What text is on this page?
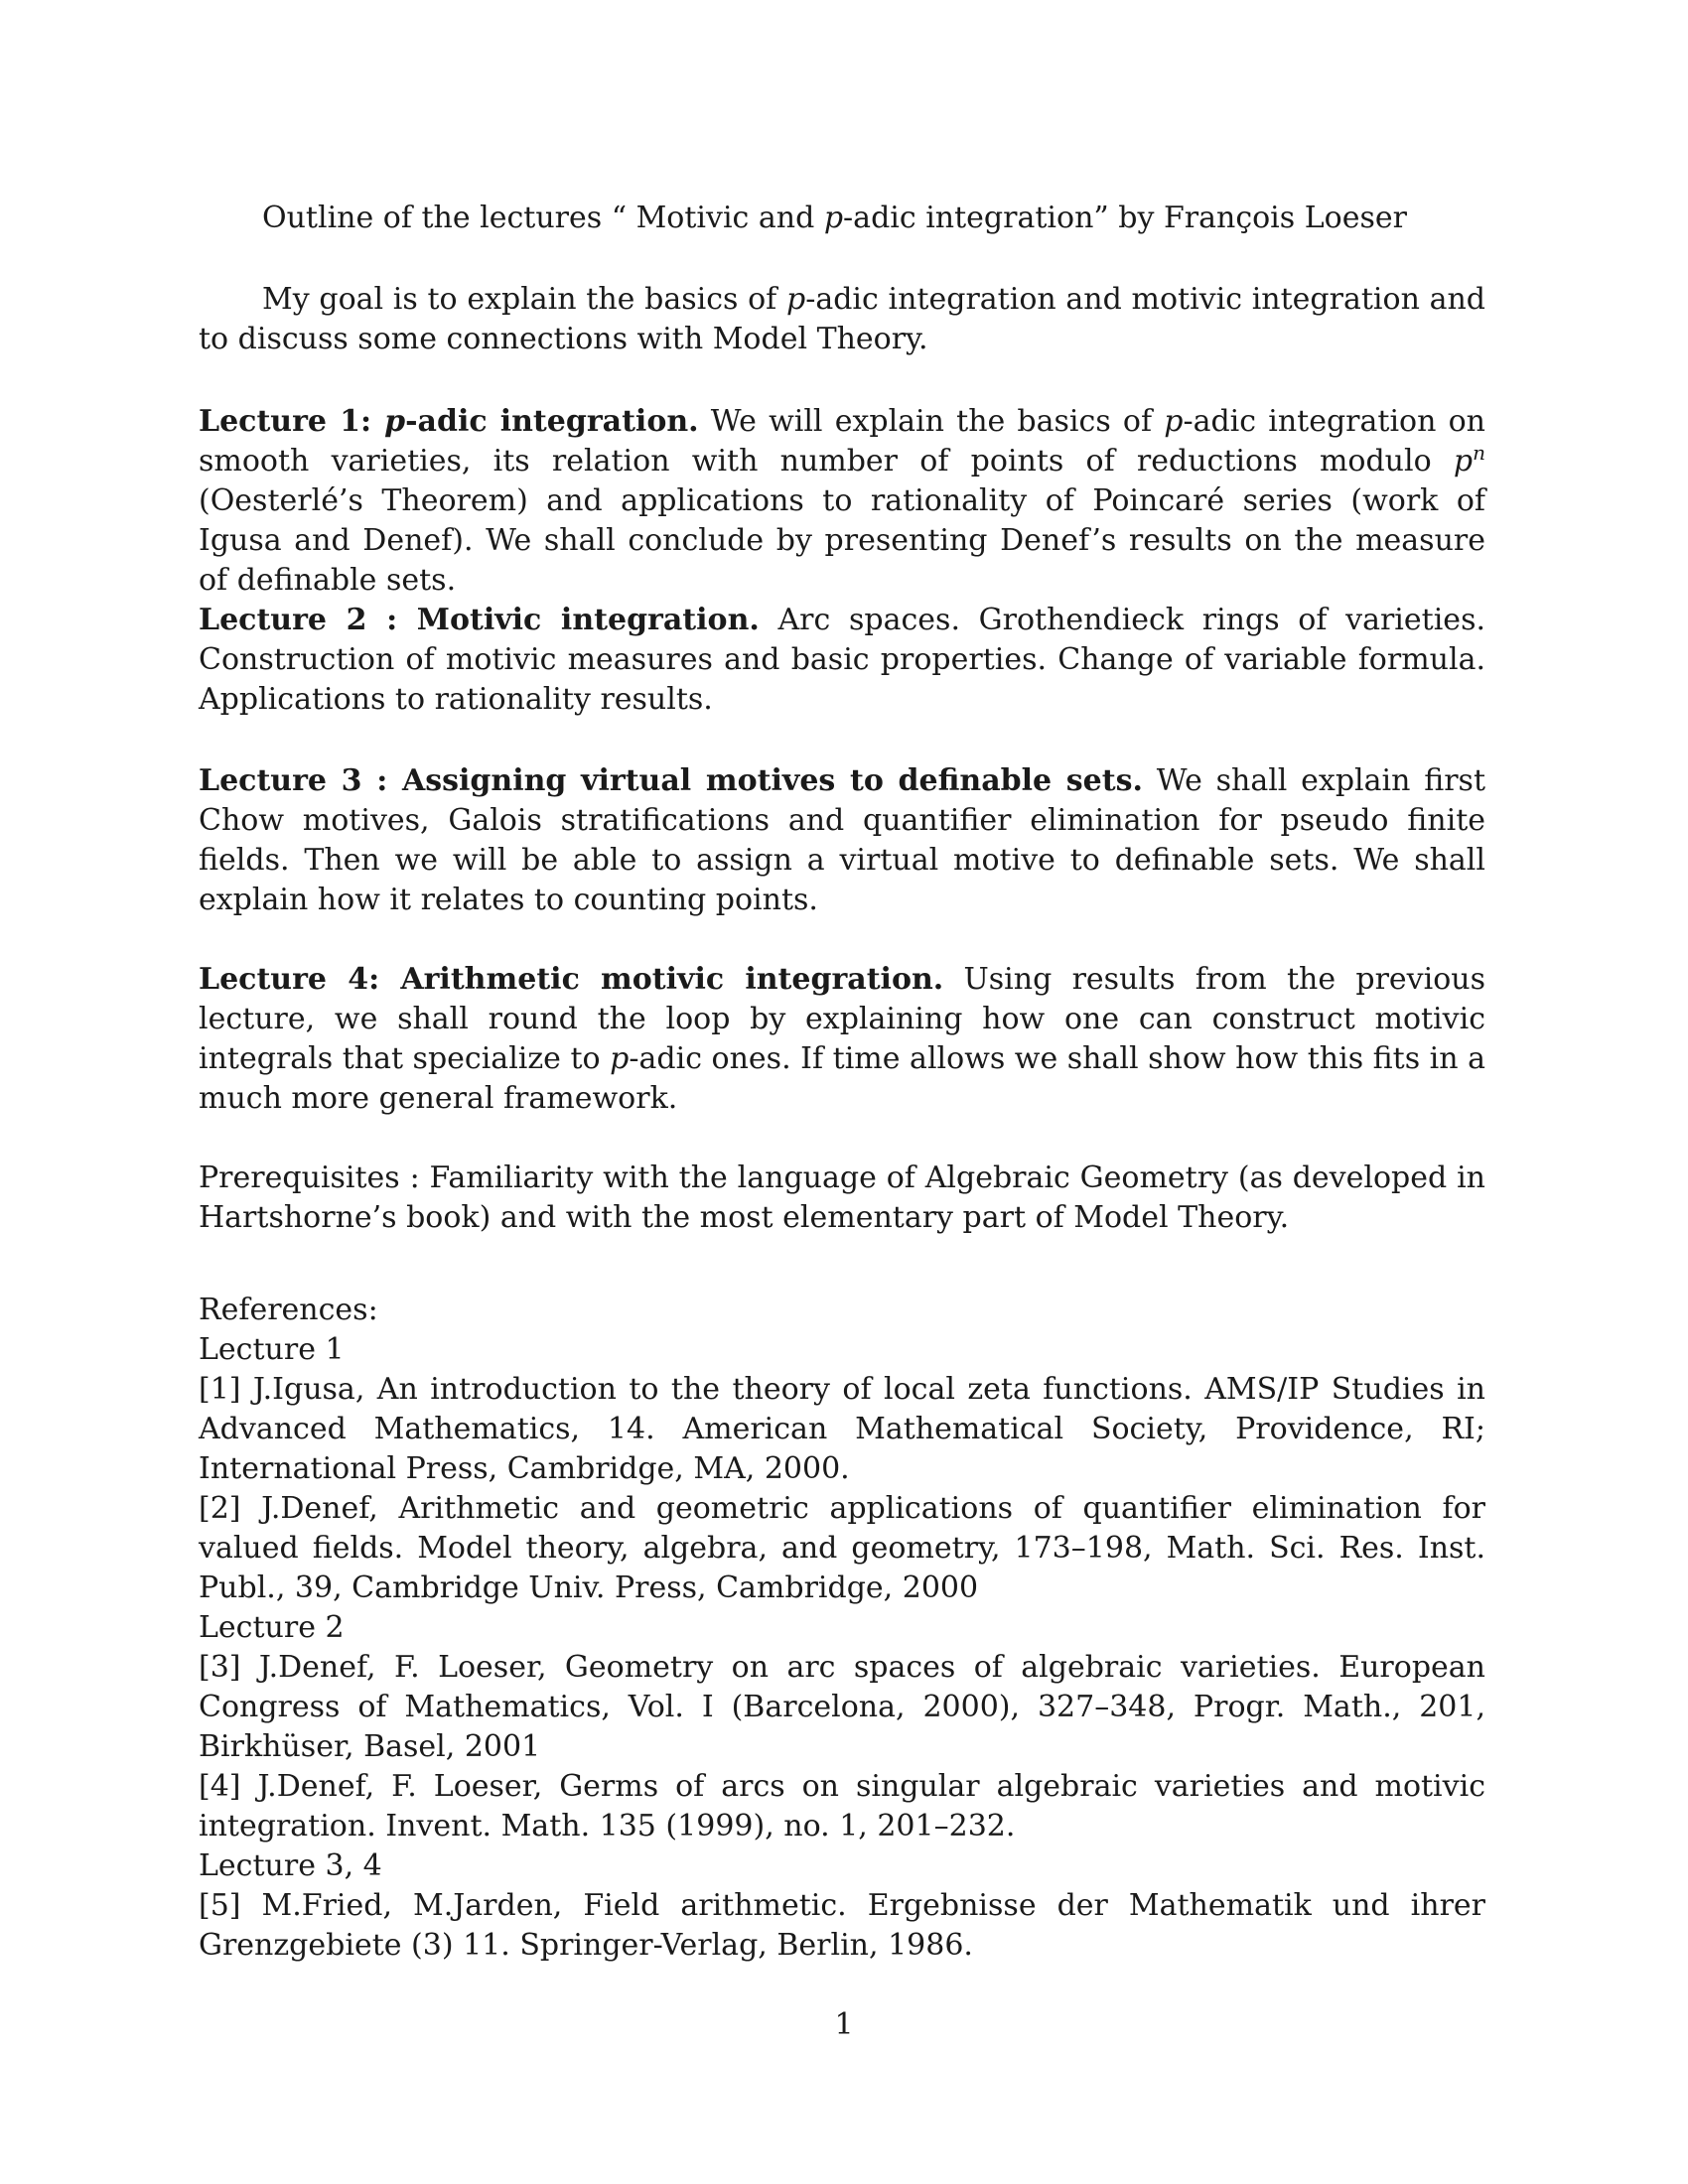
Outline of the lectures “ Motivic and p-adic integration” by François Loeser
My goal is to explain the basics of p-adic integration and motivic integration and to discuss some connections with Model Theory.
Lecture 1: p-adic integration. We will explain the basics of p-adic integration on smooth varieties, its relation with number of points of reductions modulo $p^n$ (Oesterlé’s Theorem) and applications to rationality of Poincaré series (work of Igusa and Denef). We shall conclude by presenting Denef’s results on the measure of definable sets.
Lecture 2 : Motivic integration. Arc spaces. Grothendieck rings of varieties. Construction of motivic measures and basic properties. Change of variable formula. Applications to rationality results.
Lecture 3 : Assigning virtual motives to definable sets. We shall explain first Chow motives, Galois stratifications and quantifier elimination for pseudo finite fields. Then we will be able to assign a virtual motive to definable sets. We shall explain how it relates to counting points.
Lecture 4: Arithmetic motivic integration. Using results from the previous lecture, we shall round the loop by explaining how one can construct motivic integrals that specialize to p-adic ones. If time allows we shall show how this fits in a much more general framework.
Prerequisites : Familiarity with the language of Algebraic Geometry (as developed in Hartshorne’s book) and with the most elementary part of Model Theory.
References:
Lecture 1
[1] J.Igusa, An introduction to the theory of local zeta functions. AMS/IP Studies in Advanced Mathematics, 14. American Mathematical Society, Providence, RI; International Press, Cambridge, MA, 2000.
[2] J.Denef, Arithmetic and geometric applications of quantifier elimination for valued fields. Model theory, algebra, and geometry, 173–198, Math. Sci. Res. Inst. Publ., 39, Cambridge Univ. Press, Cambridge, 2000
Lecture 2
[3] J.Denef, F. Loeser, Geometry on arc spaces of algebraic varieties. European Congress of Mathematics, Vol. I (Barcelona, 2000), 327–348, Progr. Math., 201, Birkhüser, Basel, 2001
[4] J.Denef, F. Loeser, Germs of arcs on singular algebraic varieties and motivic integration. Invent. Math. 135 (1999), no. 1, 201–232.
Lecture 3, 4
[5] M.Fried, M.Jarden, Field arithmetic. Ergebnisse der Mathematik und ihrer Grenzgebiete (3) 11. Springer-Verlag, Berlin, 1986.
1
